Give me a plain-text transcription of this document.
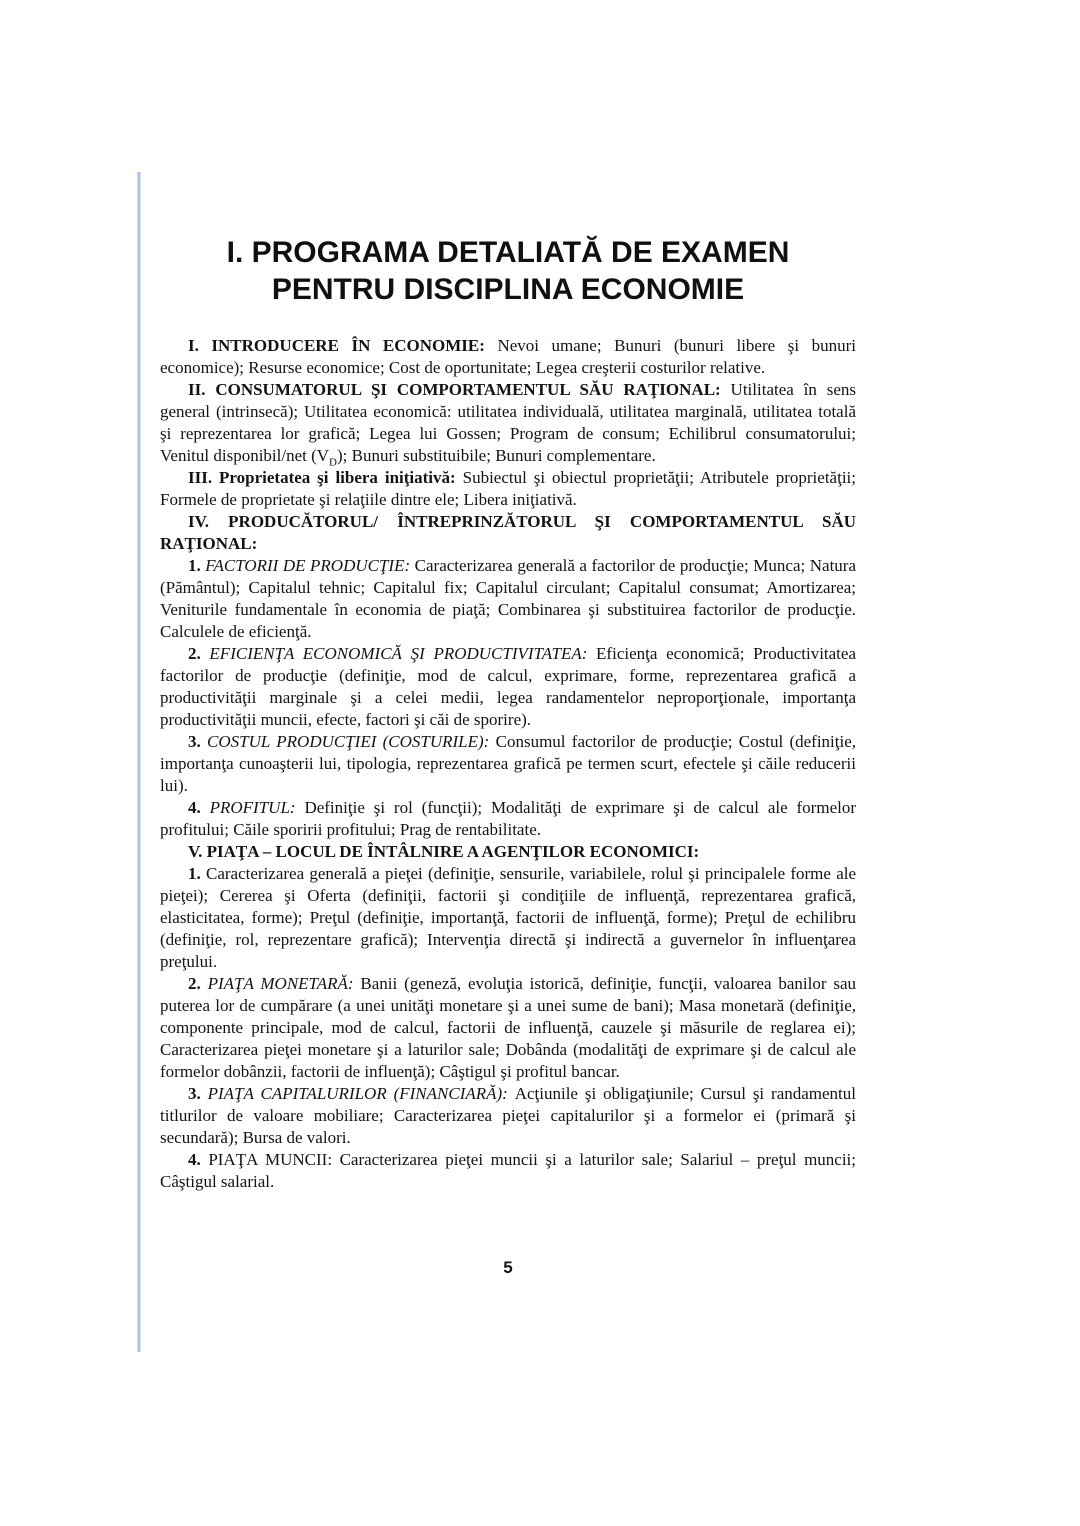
I. PROGRAMA DETALIATĂ DE EXAMEN
PENTRU DISCIPLINA ECONOMIE

I. INTRODUCERE ÎN ECONOMIE: Nevoi umane; Bunuri (bunuri libere şi bunuri economice); Resurse economice; Cost de oportunitate; Legea creşterii costurilor relative.

II. CONSUMATORUL ŞI COMPORTAMENTUL SĂU RAŢIONAL: Utilitatea în sens general (intrinsecă); Utilitatea economică: utilitatea individuală, utilitatea marginală, utilitatea totală şi reprezentarea lor grafică; Legea lui Gossen; Program de consum; Echilibrul consumatorului; Venitul disponibil/net $(V_D)$; Bunuri substituibile; Bunuri complementare.

III. Proprietatea şi libera iniţiativă: Subiectul şi obiectul proprietăţii; Atributele proprietăţii; Formele de proprietate şi relaţiile dintre ele; Libera iniţiativă.

IV. PRODUCĂTORUL/ ÎNTREPRINZĂTORUL ŞI COMPORTAMENTUL SĂU RAŢIONAL:

1. FACTORII DE PRODUCŢIE: Caracterizarea generală a factorilor de producţie; Munca; Natura (Pământul); Capitalul tehnic; Capitalul fix; Capitalul circulant; Capitalul consumat; Amortizarea; Veniturile fundamentale în economia de piaţă; Combinarea şi substituirea factorilor de producţie. Calculele de eficienţă.

2. EFICIENŢA ECONOMICĂ ŞI PRODUCTIVITATEA: Eficienţa economică; Productivitatea factorilor de producţie (definiţie, mod de calcul, exprimare, forme, reprezentarea grafică a productivităţii marginale şi a celei medii, legea randamentelor neproporţionale, importanţa productivităţii muncii, efecte, factori şi căi de sporire).

3. COSTUL PRODUCŢIEI (COSTURILE): Consumul factorilor de producţie; Costul (definiţie, importanţa cunoaşterii lui, tipologia, reprezentarea grafică pe termen scurt, efectele şi căile reducerii lui).

4. PROFITUL: Definiţie şi rol (funcţii); Modalităţi de exprimare şi de calcul ale formelor profitului; Căile sporirii profitului; Prag de rentabilitate.

V. PIAŢA – LOCUL DE ÎNTÂLNIRE A AGENŢILOR ECONOMICI:

1. Caracterizarea generală a pieţei (definiţie, sensurile, variabilele, rolul şi principalele forme ale pieţei); Cererea şi Oferta (definiţii, factorii şi condiţiile de influenţă, reprezentarea grafică, elasticitatea, forme); Preţul (definiţie, importanţă, factorii de influenţă, forme); Preţul de echilibru (definiţie, rol, reprezentare grafică); Intervenţia directă şi indirectă a guvernelor în influenţarea preţului.

2. PIAŢA MONETARĂ: Banii (geneză, evoluţia istorică, definiţie, funcţii, valoarea banilor sau puterea lor de cumpărare (a unei unităţi monetare şi a unei sume de bani); Masa monetară (definiţie, componente principale, mod de calcul, factorii de influenţă, cauzele şi măsurile de reglarea ei); Caracterizarea pieţei monetare şi a laturilor sale; Dobânda (modalităţi de exprimare şi de calcul ale formelor dobânzii, factorii de influenţă); Câştigul şi profitul bancar.

3. PIAŢA CAPITALURILOR (FINANCIARĂ): Acţiunile şi obligaţiunile; Cursul şi randamentul titlurilor de valoare mobiliare; Caracterizarea pieţei capitalurilor şi a formelor ei (primară şi secundară); Bursa de valori.

4. PIAŢA MUNCII: Caracterizarea pieţei muncii şi a laturilor sale; Salariul – preţul muncii; Câştigul salarial.

5
